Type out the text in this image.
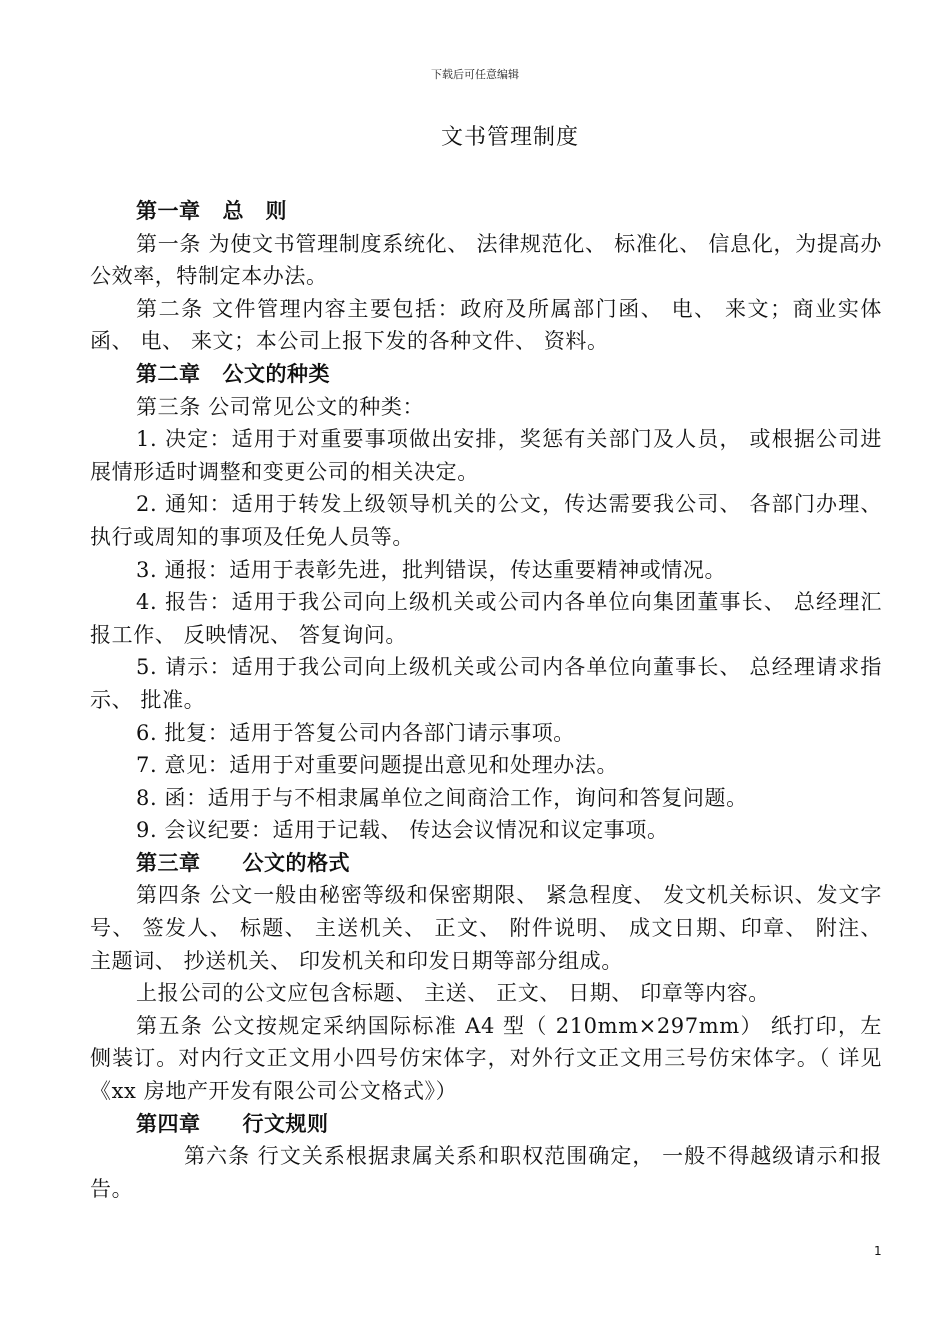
下载后可任意编辑
文书管理制度
第一章 总　则
第一条 为使文书管理制度系统化、 法律规范化、 标准化、 信息化，为提高办公效率，特制定本办法。
第二条 文件管理内容主要包括：政府及所属部门函、 电、 来文；商业实体函、 电、 来文；本公司上报下发的各种文件、 资料。
第二章 公文的种类
第三条 公司常见公文的种类：
1. 决定：适用于对重要事项做出安排，奖惩有关部门及人员， 或根据公司进展情形适时调整和变更公司的相关决定。
2. 通知：适用于转发上级领导机关的公文，传达需要我公司、 各部门办理、 执行或周知的事项及任免人员等。
3. 通报：适用于表彰先进，批判错误，传达重要精神或情况。
4. 报告：适用于我公司向上级机关或公司内各单位向集团董事长、 总经理汇报工作、 反映情况、 答复询问。
5. 请示：适用于我公司向上级机关或公司内各单位向董事长、 总经理请求指示、 批准。
6. 批复：适用于答复公司内各部门请示事项。
7. 意见：适用于对重要问题提出意见和处理办法。
8. 函：适用于与不相隶属单位之间商洽工作，询问和答复问题。
9. 会议纪要：适用于记载、 传达会议情况和议定事项。
第三章 公文的格式
第四条 公文一般由秘密等级和保密期限、 紧急程度、 发文机关标识、发文字号、 签发人、 标题、 主送机关、 正文、 附件说明、 成文日期、印章、 附注、 主题词、 抄送机关、 印发机关和印发日期等部分组成。
上报公司的公文应包含标题、 主送、 正文、 日期、 印章等内容。
第五条 公文按规定采纳国际标准 A4 型（ 210mm×297mm） 纸打印，左侧装订。对内行文正文用小四号仿宋体字，对外行文正文用三号仿宋体字。（ 详见《xx 房地产开发有限公司公文格式》）
第四章 行文规则
第六条 行文关系根据隶属关系和职权范围确定， 一般不得越级请示和报告。
1
